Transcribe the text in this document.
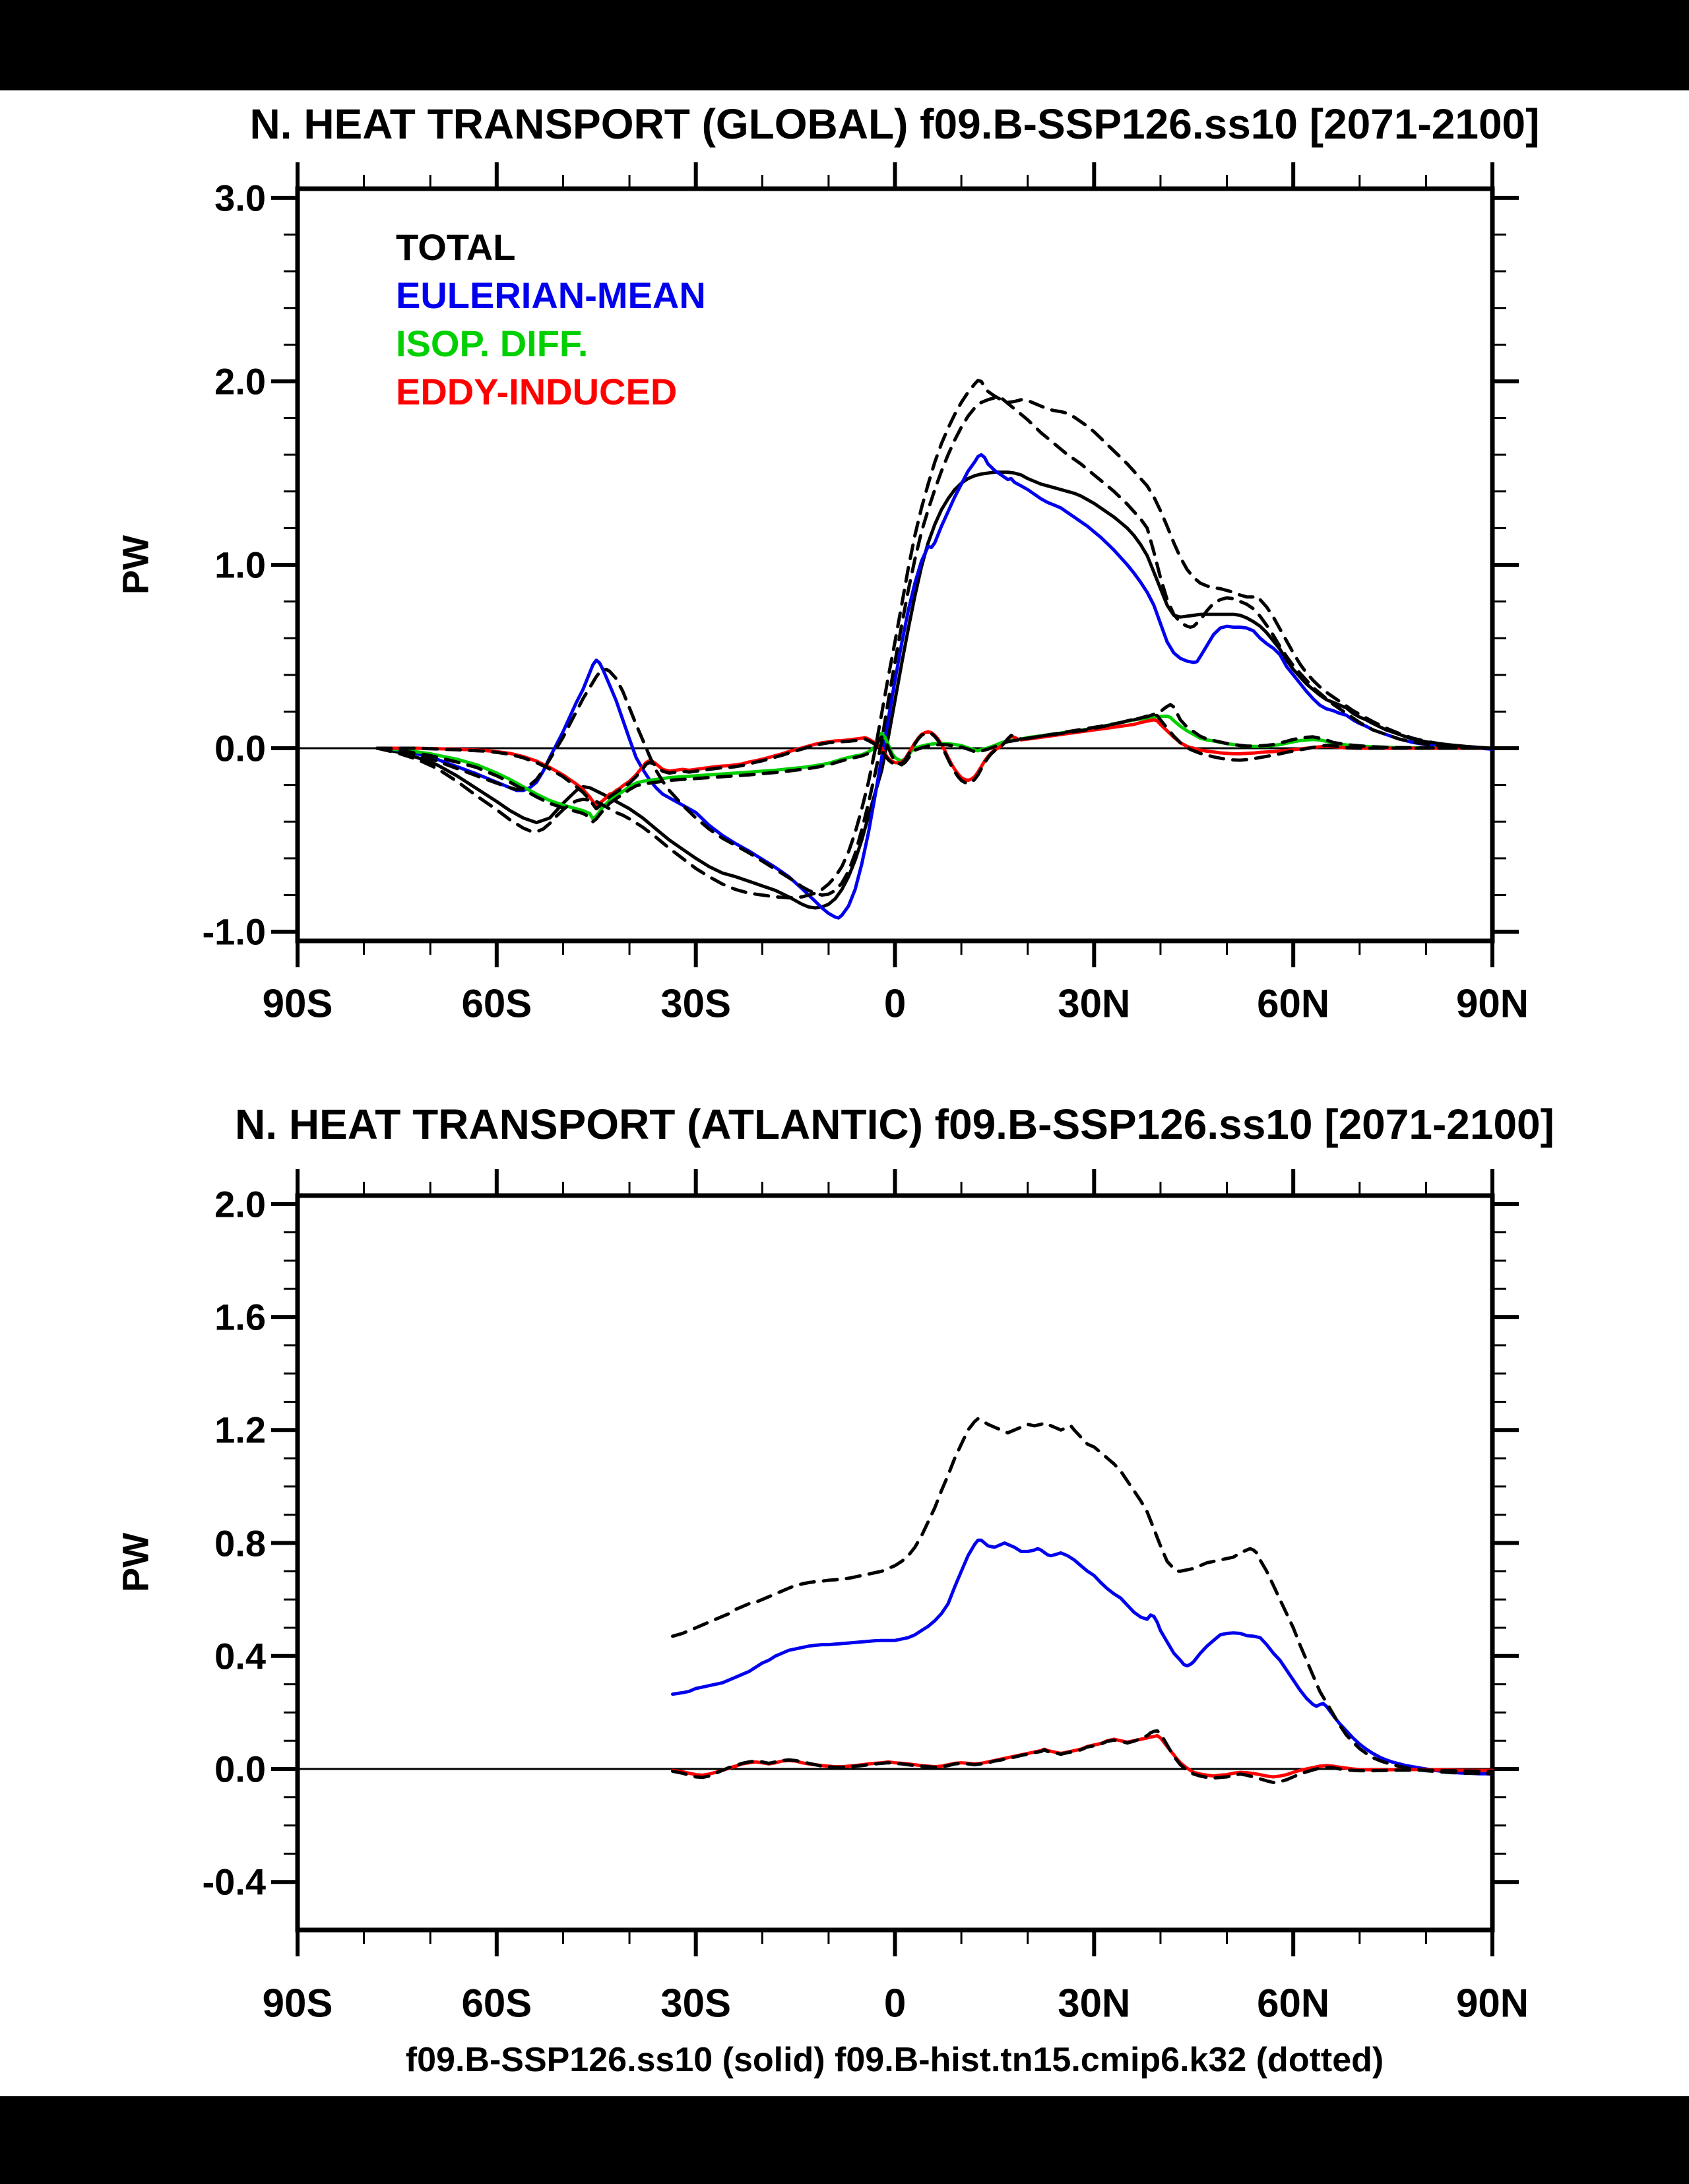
N. HEAT TRANSPORT (GLOBAL) f09.B-SSP126.ss10 [2071-2100]
TOTAL
EULERIAN-MEAN
ISOP. DIFF.
EDDY-INDUCED
PW
N. HEAT TRANSPORT (ATLANTIC) f09.B-SSP126.ss10 [2071-2100]
PW
f09.B-SSP126.ss10 (solid) f09.B-hist.tn15.cmip6.k32 (dotted)
90S	60S	30S	0	30N	60N	90N
3.0
2.0
1.0
0.0
-1.0
90S	60S	30S	0	30N	60N	90N
2.0
1.6
1.2
0.8
0.4
0.0
-0.4
